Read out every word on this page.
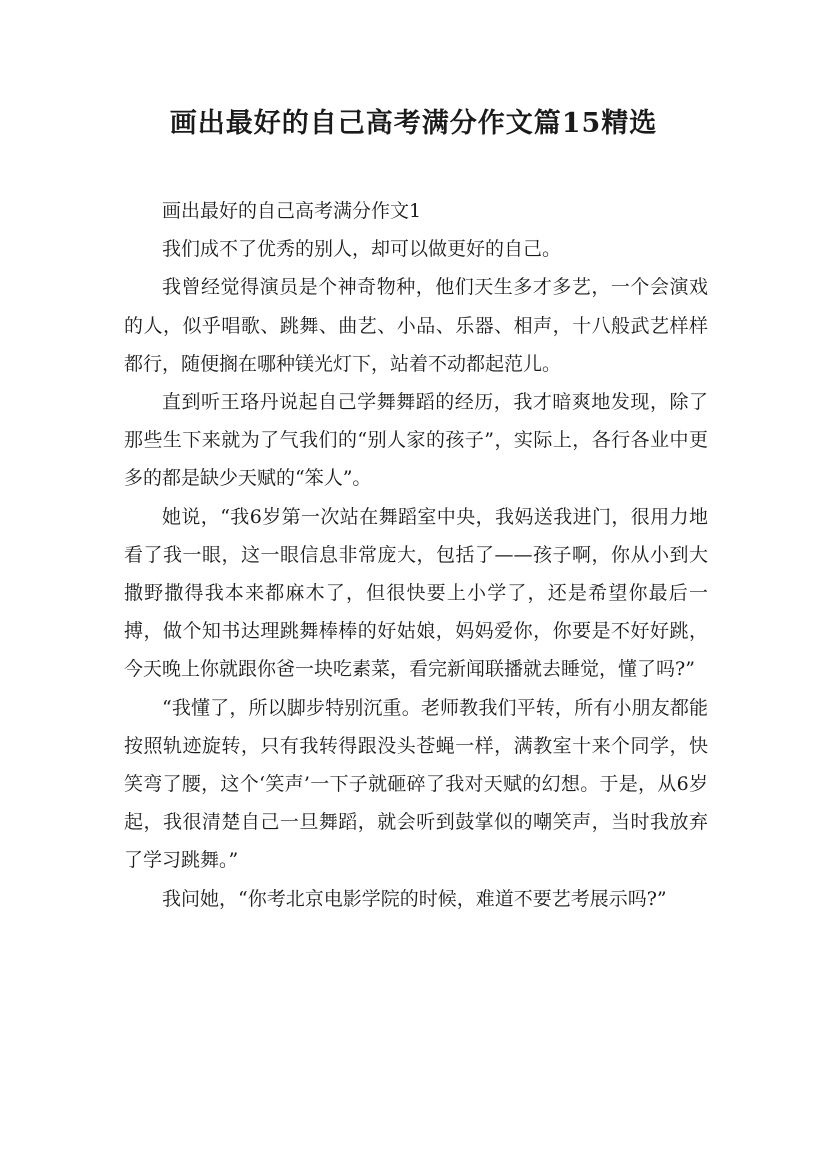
画出最好的自己高考满分作文篇15精选

画出最好的自己高考满分作文1

我们成不了优秀的别人，却可以做更好的自己。

我曾经觉得演员是个神奇物种，他们天生多才多艺，一个会演戏的人，似乎唱歌、跳舞、曲艺、小品、乐器、相声，十八般武艺样样都行，随便搁在哪种镁光灯下，站着不动都起范儿。

直到听王珞丹说起自己学舞舞蹈的经历，我才暗爽地发现，除了那些生下来就为了气我们的“别人家的孩子”，实际上，各行各业中更多的都是缺少天赋的“笨人”。

她说，“我6岁第一次站在舞蹈室中央，我妈送我进门，很用力地看了我一眼，这一眼信息非常庞大，包括了——孩子啊，你从小到大撒野撒得我本来都麻木了，但很快要上小学了，还是希望你最后一搏，做个知书达理跳舞棒棒的好姑娘，妈妈爱你，你要是不好好跳，今天晚上你就跟你爸一块吃素菜，看完新闻联播就去睡觉，懂了吗?”

“我懂了，所以脚步特别沉重。老师教我们平转，所有小朋友都能按照轨迹旋转，只有我转得跟没头苍蝇一样，满教室十来个同学，快笑弯了腰，这个‘笑声’一下子就砸碎了我对天赋的幻想。于是，从6岁起，我很清楚自己一旦舞蹈，就会听到鼓掌似的嘲笑声，当时我放弃了学习跳舞。”

我问她，“你考北京电影学院的时候，难道不要艺考展示吗?”
